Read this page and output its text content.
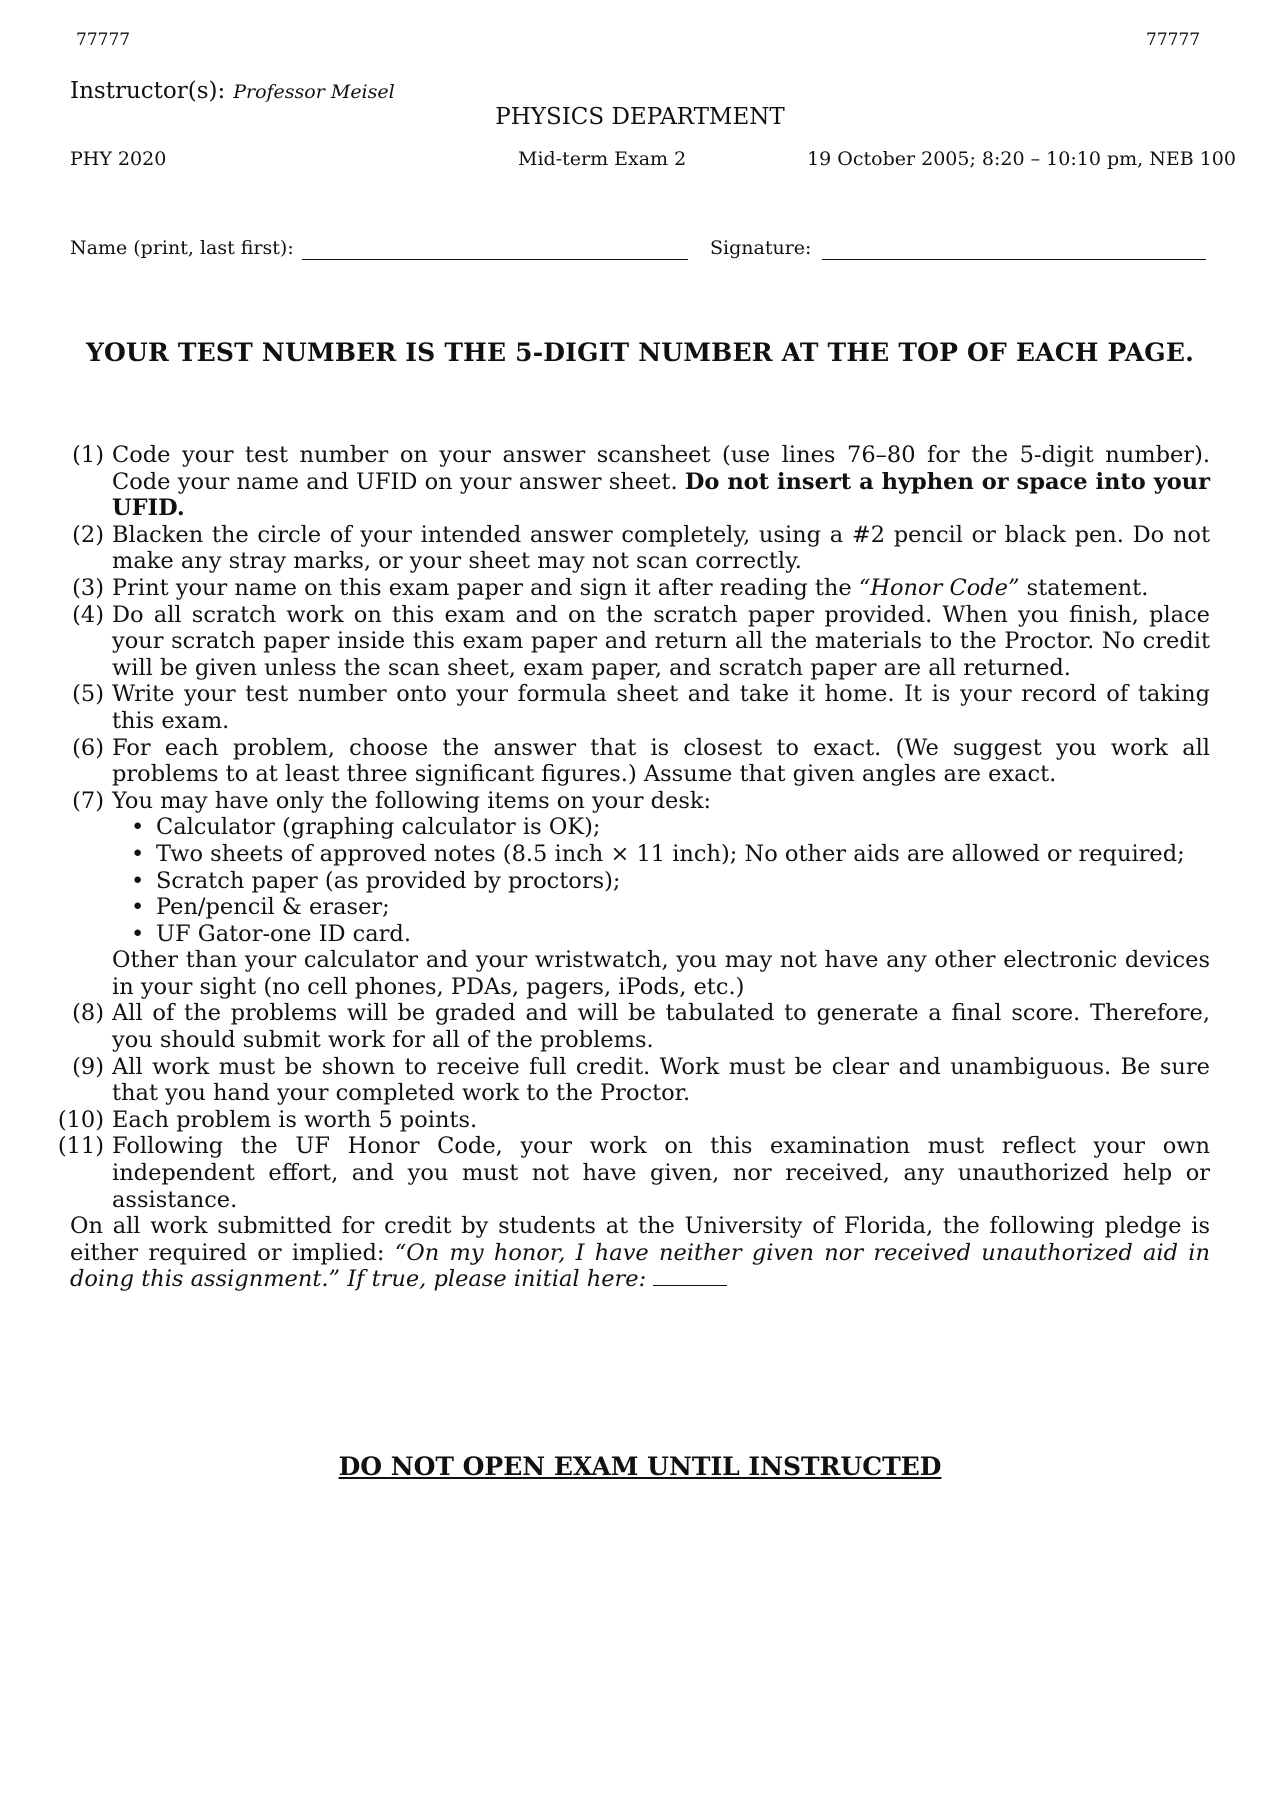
77777	77777
Instructor(s): Professor Meisel
PHYSICS DEPARTMENT
PHY 2020	Mid-term Exam 2	19 October 2005; 8:20 – 10:10 pm, NEB 100
Name (print, last first):	Signature:
YOUR TEST NUMBER IS THE 5-DIGIT NUMBER AT THE TOP OF EACH PAGE.
(1) Code your test number on your answer scansheet (use lines 76–80 for the 5-digit number). Code your name and UFID on your answer sheet. Do not insert a hyphen or space into your UFID.
(2) Blacken the circle of your intended answer completely, using a #2 pencil or black pen. Do not make any stray marks, or your sheet may not scan correctly.
(3) Print your name on this exam paper and sign it after reading the “Honor Code” statement.
(4) Do all scratch work on this exam and on the scratch paper provided. When you finish, place your scratch paper inside this exam paper and return all the materials to the Proctor. No credit will be given unless the scan sheet, exam paper, and scratch paper are all returned.
(5) Write your test number onto your formula sheet and take it home. It is your record of taking this exam.
(6) For each problem, choose the answer that is closest to exact. (We suggest you work all problems to at least three significant figures.) Assume that given angles are exact.
(7) You may have only the following items on your desk:
• Calculator (graphing calculator is OK);
• Two sheets of approved notes (8.5 inch × 11 inch); No other aids are allowed or required;
• Scratch paper (as provided by proctors);
• Pen/pencil & eraser;
• UF Gator-one ID card.
Other than your calculator and your wristwatch, you may not have any other electronic devices in your sight (no cell phones, PDAs, pagers, iPods, etc.)
(8) All of the problems will be graded and will be tabulated to generate a final score. Therefore, you should submit work for all of the problems.
(9) All work must be shown to receive full credit. Work must be clear and unambiguous. Be sure that you hand your completed work to the Proctor.
(10) Each problem is worth 5 points.
(11) Following the UF Honor Code, your work on this examination must reflect your own independent effort, and you must not have given, nor received, any unauthorized help or assistance.
On all work submitted for credit by students at the University of Florida, the following pledge is either required or implied: “On my honor, I have neither given nor received unauthorized aid in doing this assignment.” If true, please initial here:
DO NOT OPEN EXAM UNTIL INSTRUCTED
